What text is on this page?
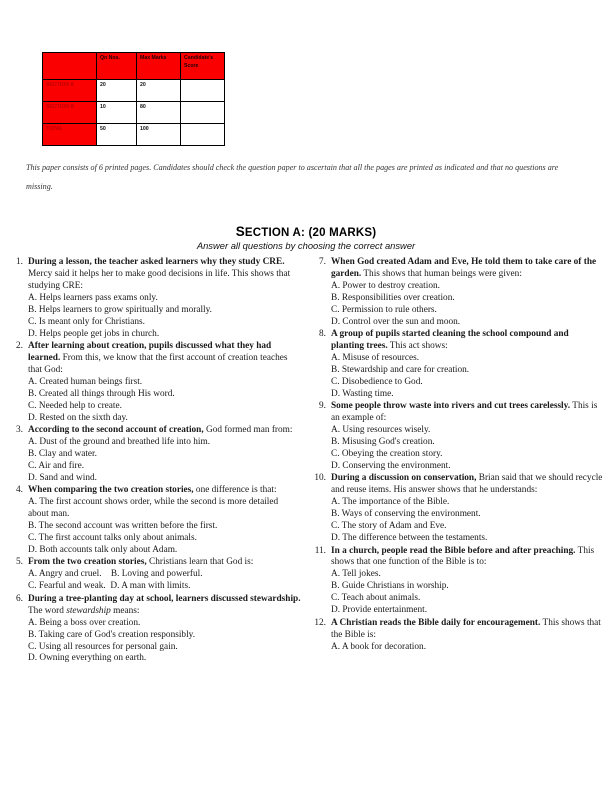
	Qn Nos.	Max Marks	Candidate's Score
SECTION A	20	20	
SECTION B	10	80	
TOTAL	50	100	
This paper consists of 6 printed pages. Candidates should check the question paper to ascertain that all the pages are printed as indicated and that no questions are missing.
SECTION A: (20 MARKS)
Answer all questions by choosing the correct answer
1. During a lesson, the teacher asked learners why they study CRE. Mercy said it helps her to make good decisions in life. This shows that studying CRE:

A. Helps learners pass exams only.
B. Helps learners to grow spiritually and morally.
C. Is meant only for Christians.
D. Helps people get jobs in church.
2. After learning about creation, pupils discussed what they had learned. From this, we know that the first account of creation teaches that God:

A. Created human beings first.
B. Created all things through His word.
C. Needed help to create.
D. Rested on the sixth day.
3. According to the second account of creation, God formed man from:

A. Dust of the ground and breathed life into him.
B. Clay and water.
C. Air and fire.
D. Sand and wind.
4. When comparing the two creation stories, one difference is that:

A. The first account shows order, while the second is more detailed about man.
B. The second account was written before the first.
C. The first account talks only about animals.
D. Both accounts talk only about Adam.
5. From the two creation stories, Christians learn that God is:

A. Angry and cruel.    B. Loving and powerful.
C. Fearful and weak.  D. A man with limits.
6. During a tree-planting day at school, learners discussed stewardship. The word stewardship means:

A. Being a boss over creation.
B. Taking care of God's creation responsibly.
C. Using all resources for personal gain.
D. Owning everything on earth.
7. When God created Adam and Eve, He told them to take care of the garden. This shows that human beings were given:

A. Power to destroy creation.
B. Responsibilities over creation.
C. Permission to rule others.
D. Control over the sun and moon.
8. A group of pupils started cleaning the school compound and planting trees. This act shows:

A. Misuse of resources.
B. Stewardship and care for creation.
C. Disobedience to God.
D. Wasting time.
9. Some people throw waste into rivers and cut trees carelessly. This is an example of:

A. Using resources wisely.
B. Misusing God's creation.
C. Obeying the creation story.
D. Conserving the environment.
10. During a discussion on conservation, Brian said that we should recycle and reuse items. His answer shows that he understands:

A. The importance of the Bible.
B. Ways of conserving the environment.
C. The story of Adam and Eve.
D. The difference between the testaments.
11. In a church, people read the Bible before and after preaching. This shows that one function of the Bible is to:

A. Tell jokes.
B. Guide Christians in worship.
C. Teach about animals.
D. Provide entertainment.
12. A Christian reads the Bible daily for encouragement. This shows that the Bible is:

A. A book for decoration.
